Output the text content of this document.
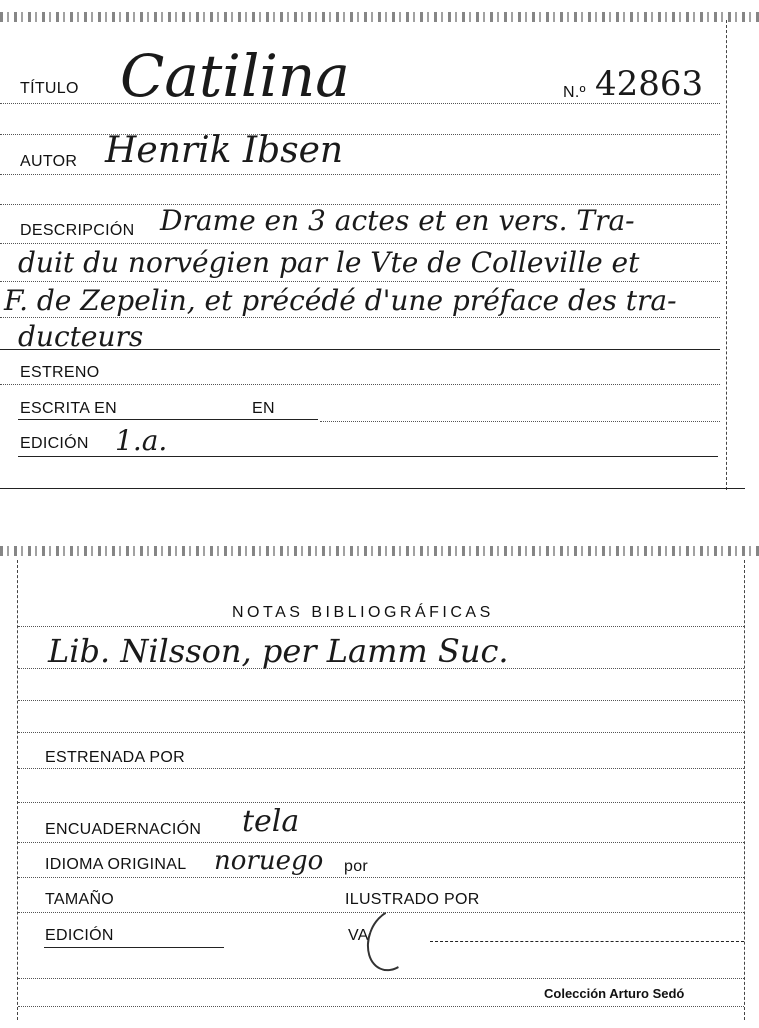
TÍTULO Catilina	N.º 42863
AUTOR Henrik Ibsen
DESCRIPCIÓN Drame en 3 actes et en vers. Tra-
duit du norvégien par le Vte de Colleville et
F. de Zepelin, et précédé d'une préface des tra-
ducteurs
ESTRENO
ESCRITA EN	EN
EDICIÓN 1.a.
NOTAS BIBLIOGRÁFICAS
Lib. Nilsson, per Lamm Suc.
ESTRENADA POR
ENCUADERNACIÓN tela
IDIOMA ORIGINAL noruego por
TAMAÑO	ILUSTRADO POR
EDICIÓN	VA
Colección Arturo Sedó
